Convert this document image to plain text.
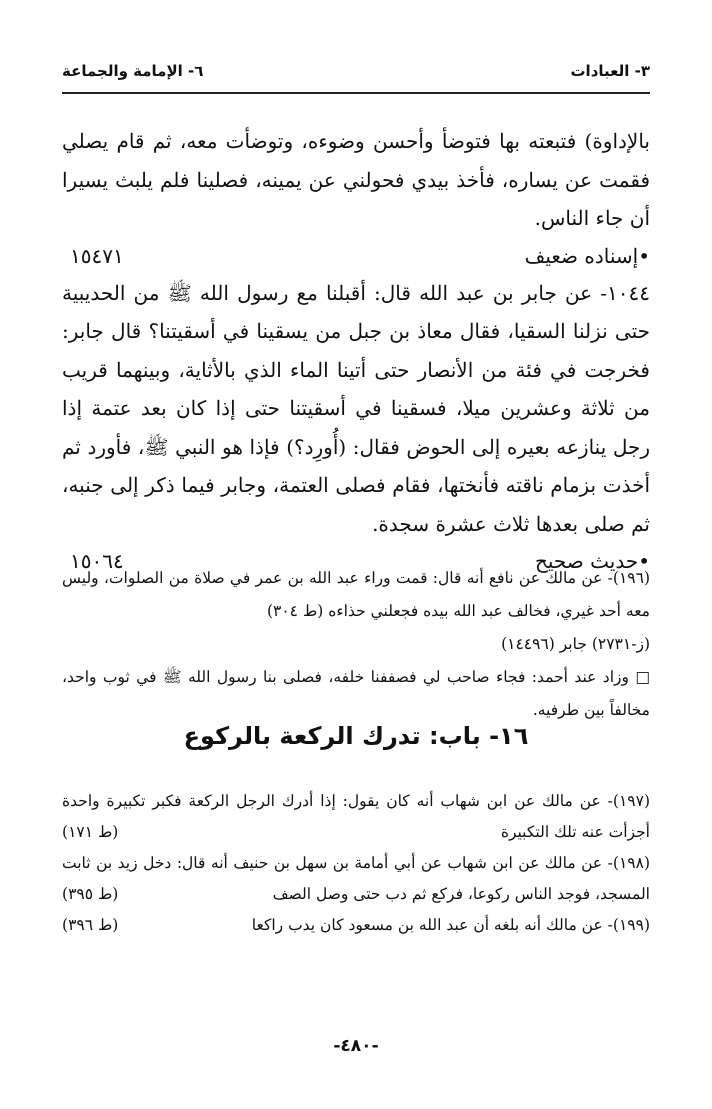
٣- العبادات
٦- الإمامة والجماعة

بالإداوة) فتبعته بها فتوضأ وأحسن وضوءه، وتوضأت معه، ثم قام يصلي فقمت عن يساره، فأخذ بيدي فحولني عن يمينه، فصلينا فلم يلبث يسيرا أن جاء الناس.

•إسناده ضعيف
١٥٤٧١

١٠٤٤- عن جابر بن عبد الله قال: أقبلنا مع رسول الله ﷺ من الحديبية حتى نزلنا السقيا، فقال معاذ بن جبل من يسقينا في أسقيتنا؟ قال جابر: فخرجت في فئة من الأنصار حتى أتينا الماء الذي بالأثاية، وبينهما قريب من ثلاثة وعشرين ميلا، فسقينا في أسقيتنا حتى إذا كان بعد عتمة إذا رجل ينازعه بعيره إلى الحوض فقال: (أُورِد؟) فإذا هو النبي ﷺ، فأورد ثم أخذت بزمام ناقته فأنختها، فقام فصلى العتمة، وجابر فيما ذكر إلى جنبه، ثم صلى بعدها ثلاث عشرة سجدة.

•حديث صحيح
١٥٠٦٤

(١٩٦)- عن مالك عن نافع أنه قال: قمت وراء عبد الله بن عمر في صلاة من الصلوات، وليس معه أحد غيري، فخالف عبد الله بيده فجعلني حذاءه (ط ٣٠٤)

(ز-٢٧٣١) جابر (١٤٤٩٦)

□ وزاد عند أحمد: فجاء صاحب لي فصففنا خلفه، فصلى بنا رسول الله ﷺ في ثوب واحد، مخالفاً بين طرفيه.

١٦- باب: تدرك الركعة بالركوع

(١٩٧)- عن مالك عن ابن شهاب أنه كان يقول: إذا أدرك الرجل الركعة فكبر تكبيرة واحدة أجزأت عنه تلك التكبيرة
(ط ١٧١)

(١٩٨)- عن مالك عن ابن شهاب عن أبي أمامة بن سهل بن حنيف أنه قال: دخل زيد بن ثابت المسجد، فوجد الناس ركوعا، فركع ثم دب حتى وصل الصف
(ط ٣٩٥)

(١٩٩)- عن مالك أنه بلغه أن عبد الله بن مسعود كان يدب راكعا
(ط ٣٩٦)

-٤٨٠-
